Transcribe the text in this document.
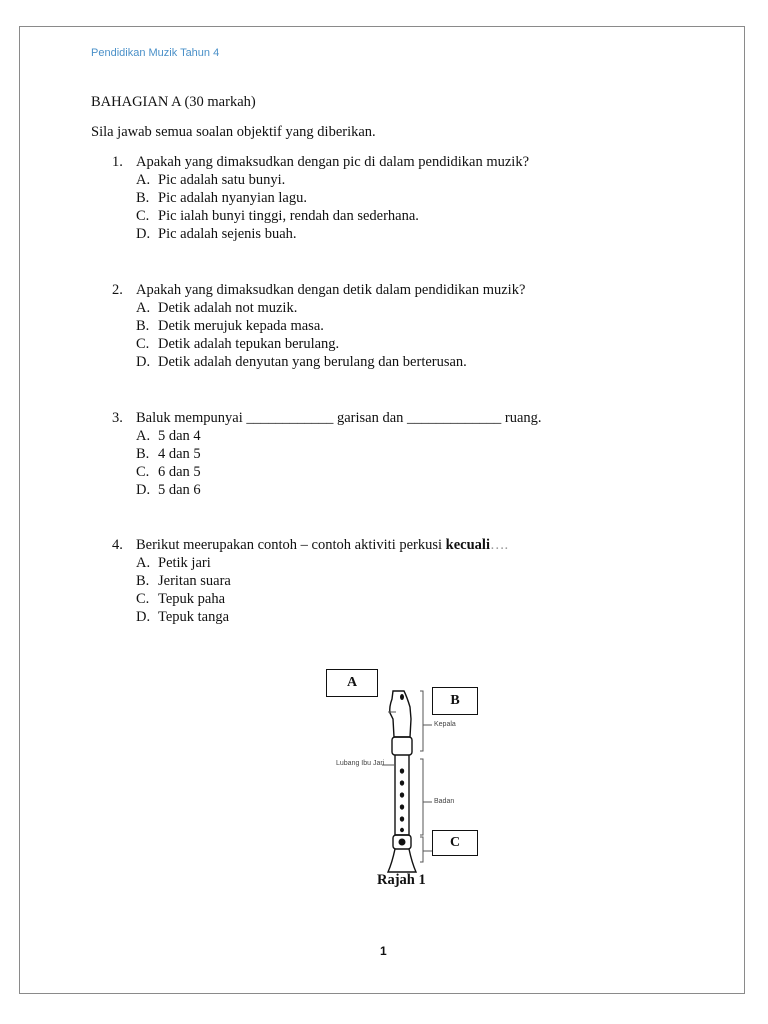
Pendidikan Muzik Tahun 4
BAHAGIAN A (30 markah)
Sila jawab semua soalan objektif yang diberikan.
1. Apakah yang dimaksudkan dengan pic di dalam pendidikan muzik?
A. Pic adalah satu bunyi.
B. Pic adalah nyanyian lagu.
C. Pic ialah bunyi tinggi, rendah dan sederhana.
D. Pic adalah sejenis buah.
2. Apakah yang dimaksudkan dengan detik dalam pendidikan muzik?
A. Detik adalah not muzik.
B. Detik merujuk kepada masa.
C. Detik adalah tepukan berulang.
D. Detik adalah denyutan yang berulang dan berterusan.
3. Baluk mempunyai ____________ garisan dan _____________ ruang.
A. 5 dan 4
B. 4 dan 5
C. 6 dan 5
D. 5 dan 6
4. Berikut meerupakan contoh – contoh aktiviti perkusi kecuali….
A. Petik jari
B. Jeritan suara
C. Tepuk paha
D. Tepuk tanga
A
B
C
Kepala
Lubang Ibu Jari
Badan
Rajah 1
1
